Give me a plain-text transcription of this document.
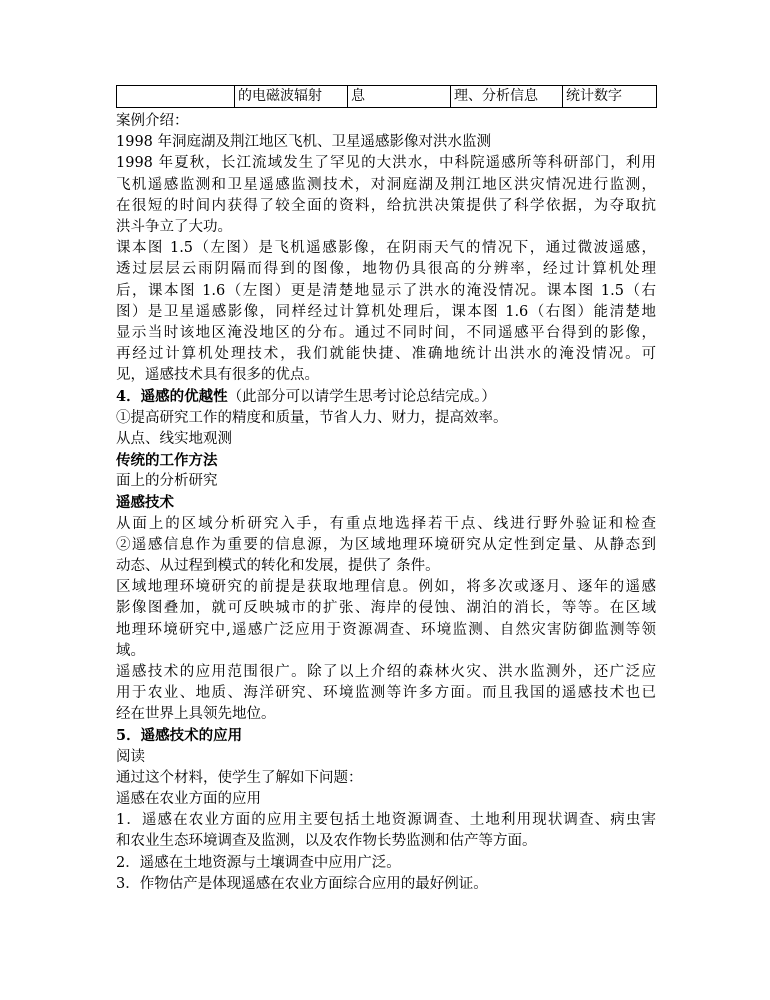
	的电磁波辐射	息	理、分析信息	统计数字
案例介绍：
1998 年洞庭湖及荆江地区飞机、卫星遥感影像对洪水监测
1998 年夏秋，长江流域发生了罕见的大洪水，中科院遥感所等科研部门，利用
飞机遥感监测和卫星遥感监测技术，对洞庭湖及荆江地区洪灾情况进行监测，
在很短的时间内获得了较全面的资料，给抗洪决策提供了科学依据，为夺取抗
洪斗争立了大功。
课本图 1.5（左图）是飞机遥感影像，在阴雨天气的情况下，通过微波遥感，
透过层层云雨阴隔而得到的图像，地物仍具很高的分辨率，经过计算机处理
后，课本图 1.6（左图）更是清楚地显示了洪水的淹没情况。课本图 1.5（右
图）是卫星遥感影像，同样经过计算机处理后，课本图 1.6（右图）能清楚地
显示当时该地区淹没地区的分布。通过不同时间，不同遥感平台得到的影像，
再经过计算机处理技术，我们就能快捷、准确地统计出洪水的淹没情况。可
见，遥感技术具有很多的优点。
4．遥感的优越性（此部分可以请学生思考讨论总结完成。）
①提高研究工作的精度和质量，节省人力、财力，提高效率。
从点、线实地观测
传统的工作方法
面上的分析研究
遥感技术
从面上的区域分析研究入手，有重点地选择若干点、线进行野外验证和检查
②遥感信息作为重要的信息源，为区域地理环境研究从定性到定量、从静态到
动态、从过程到模式的转化和发展，提供了 条件。
区域地理环境研究的前提是获取地理信息。例如，将多次或逐月、逐年的遥感
影像图叠加，就可反映城市的扩张、海岸的侵蚀、湖泊的消长，等等。在区域
地理环境研究中,遥感广泛应用于资源凋查、环境监测、自然灾害防御监测等领
域。
遥感技术的应用范围很广。除了以上介绍的森林火灾、洪水监测外，还广泛应
用于农业、地质、海洋研究、环境监测等许多方面。而且我国的遥感技术也已
经在世界上具领先地位。
5．遥感技术的应用
阅读
通过这个材料，使学生了解如下问题：
遥感在农业方面的应用
1．遥感在农业方面的应用主要包括土地资源调查、土地利用现状调查、病虫害
和农业生态环境调查及监测，以及农作物长势监测和估产等方面。
2．遥感在土地资源与土壤调查中应用广泛。
3．作物估产是体现遥感在农业方面综合应用的最好例证。
